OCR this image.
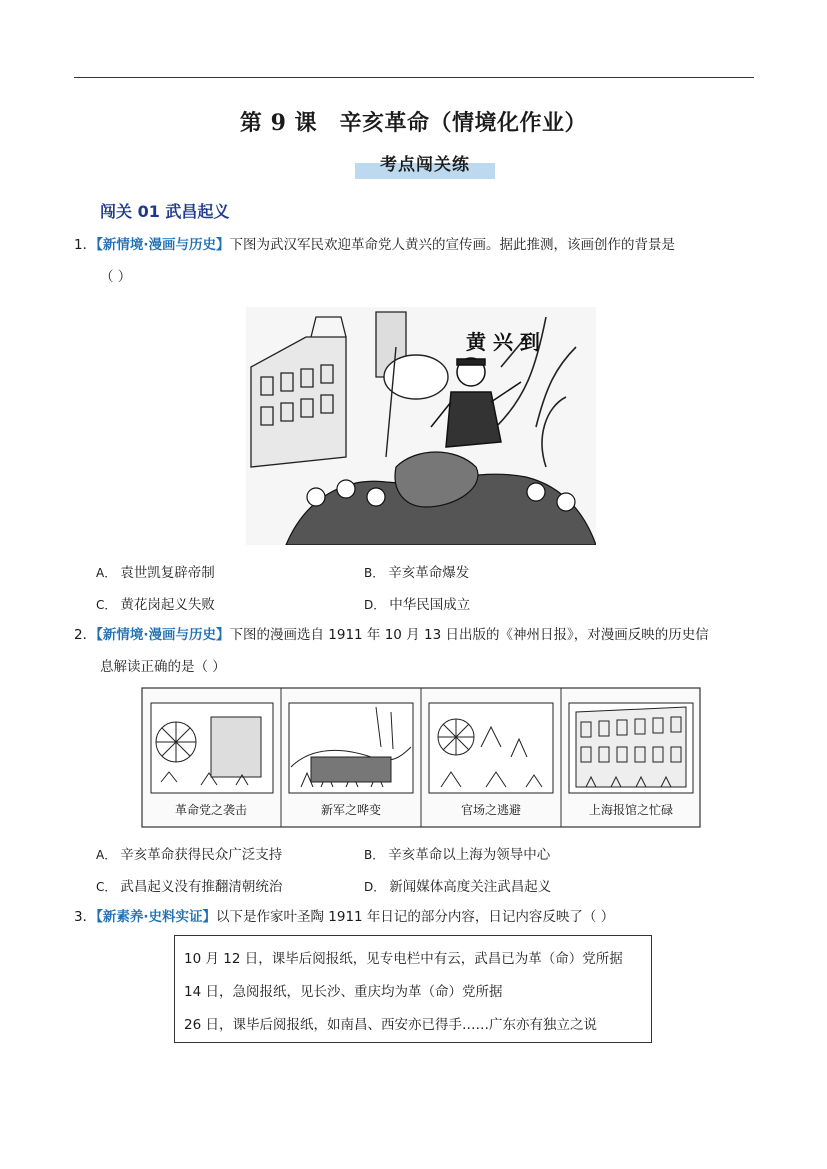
第 9 课　辛亥革命（情境化作业）
考点闯关练
闯关 01 武昌起义
1．【新情境·漫画与历史】下图为武汉军民欢迎革命党人黄兴的宣传画。据此推测，该画创作的背景是
（ ）
黄 兴 到
A． 袁世凯复辟帝制	B． 辛亥革命爆发
C． 黄花岗起义失败	D． 中华民国成立
2．【新情境·漫画与历史】下图的漫画选自 1911 年 10 月 13 日出版的《神州日报》，对漫画反映的历史信
息解读正确的是（ ）
革命党之袭击	新军之哗变	官场之逃避	上海报馆之忙碌
A． 辛亥革命获得民众广泛支持	B． 辛亥革命以上海为领导中心
C． 武昌起义没有推翻清朝统治	D． 新闻媒体高度关注武昌起义
3．【新素养·史料实证】以下是作家叶圣陶 1911 年日记的部分内容，日记内容反映了（ ）
10 月 12 日，课毕后阅报纸，见专电栏中有云，武昌已为革（命）党所据
14 日，急阅报纸，见长沙、重庆均为革（命）党所据
26 日，课毕后阅报纸，如南昌、西安亦已得手……广东亦有独立之说
